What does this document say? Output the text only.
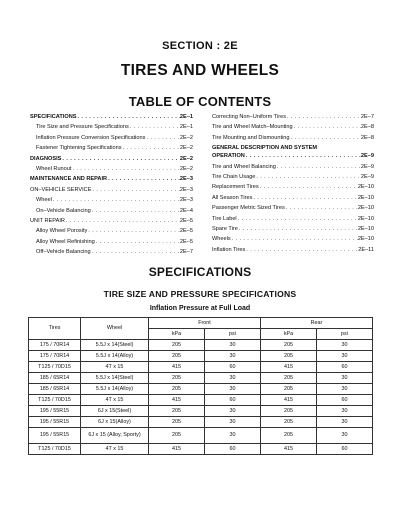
SECTION : 2E
TIRES AND WHEELS
TABLE OF CONTENTS
SPECIFICATIONS . . .	2E–1
Tire Size and Pressure Specifications . . .	2E–1
Inflation Pressure Conversion Specifications . . .	2E–2
Fastener Tightening Specifications . . .	2E–2
DIAGNOSIS . . .	2E–2
Wheel Runout . . .	2E–2
MAINTENANCE AND REPAIR . . .	2E–3
ON–VEHICLE SERVICE . . .	2E–3
Wheel . . .	2E–3
On–Vehicle Balancing . . .	2E–4
UNIT REPAIR . . .	2E–5
Alloy Wheel Porosity . . .	2E–5
Alloy Wheel Refinishing . . .	2E–5
Off–Vehicle Balancing . . .	2E–7
Correcting Non–Uniform Tires . . .	2E–7
Tire and Wheel Match–Mounting . . .	2E–8
Tire Mounting and Dismounting . . .	2E–8
GENERAL DESCRIPTION AND SYSTEM
OPERATION . . .	2E–9
Tire and Wheel Balancing . . .	2E–9
Tire Chain Usage . . .	2E–9
Replacement Tires . . .	2E–10
All Season Tires . . .	2E–10
Passenger Metric Sized Tires . . .	2E–10
Tire Label . . .	2E–10
Spare Tire . . .	2E–10
Wheels . . .	2E–10
Inflation Tires . . .	2E–11
SPECIFICATIONS
TIRE SIZE AND PRESSURE SPECIFICATIONS
Inflation Pressure at Full Load
Tires	Wheel	Front		Rear	
		kPa	psi	kPa	psi
175 / 70R14	5.5J x 14(Steel)	205	30	205	30
175 / 70R14	5.5J x 14(Alloy)	205	30	205	30
T125 / 70D15	4T x 15	415	60	415	60
185 / 65R14	5.5J x 14(Steel)	205	30	205	30
185 / 65R14	5.5J x 14(Alloy)	205	30	205	30
T125 / 70D15	4T x 15	415	60	415	60
195 / 55R15	6J x 15(Steel)	205	30	205	30
195 / 55R15	6J x 15(Alloy)	205	30	205	30
195 / 55R15	6J x 15 (Alloy, Sporty)	205	30	205	30
T125 / 70D15	4T x 15	415	60	415	60
